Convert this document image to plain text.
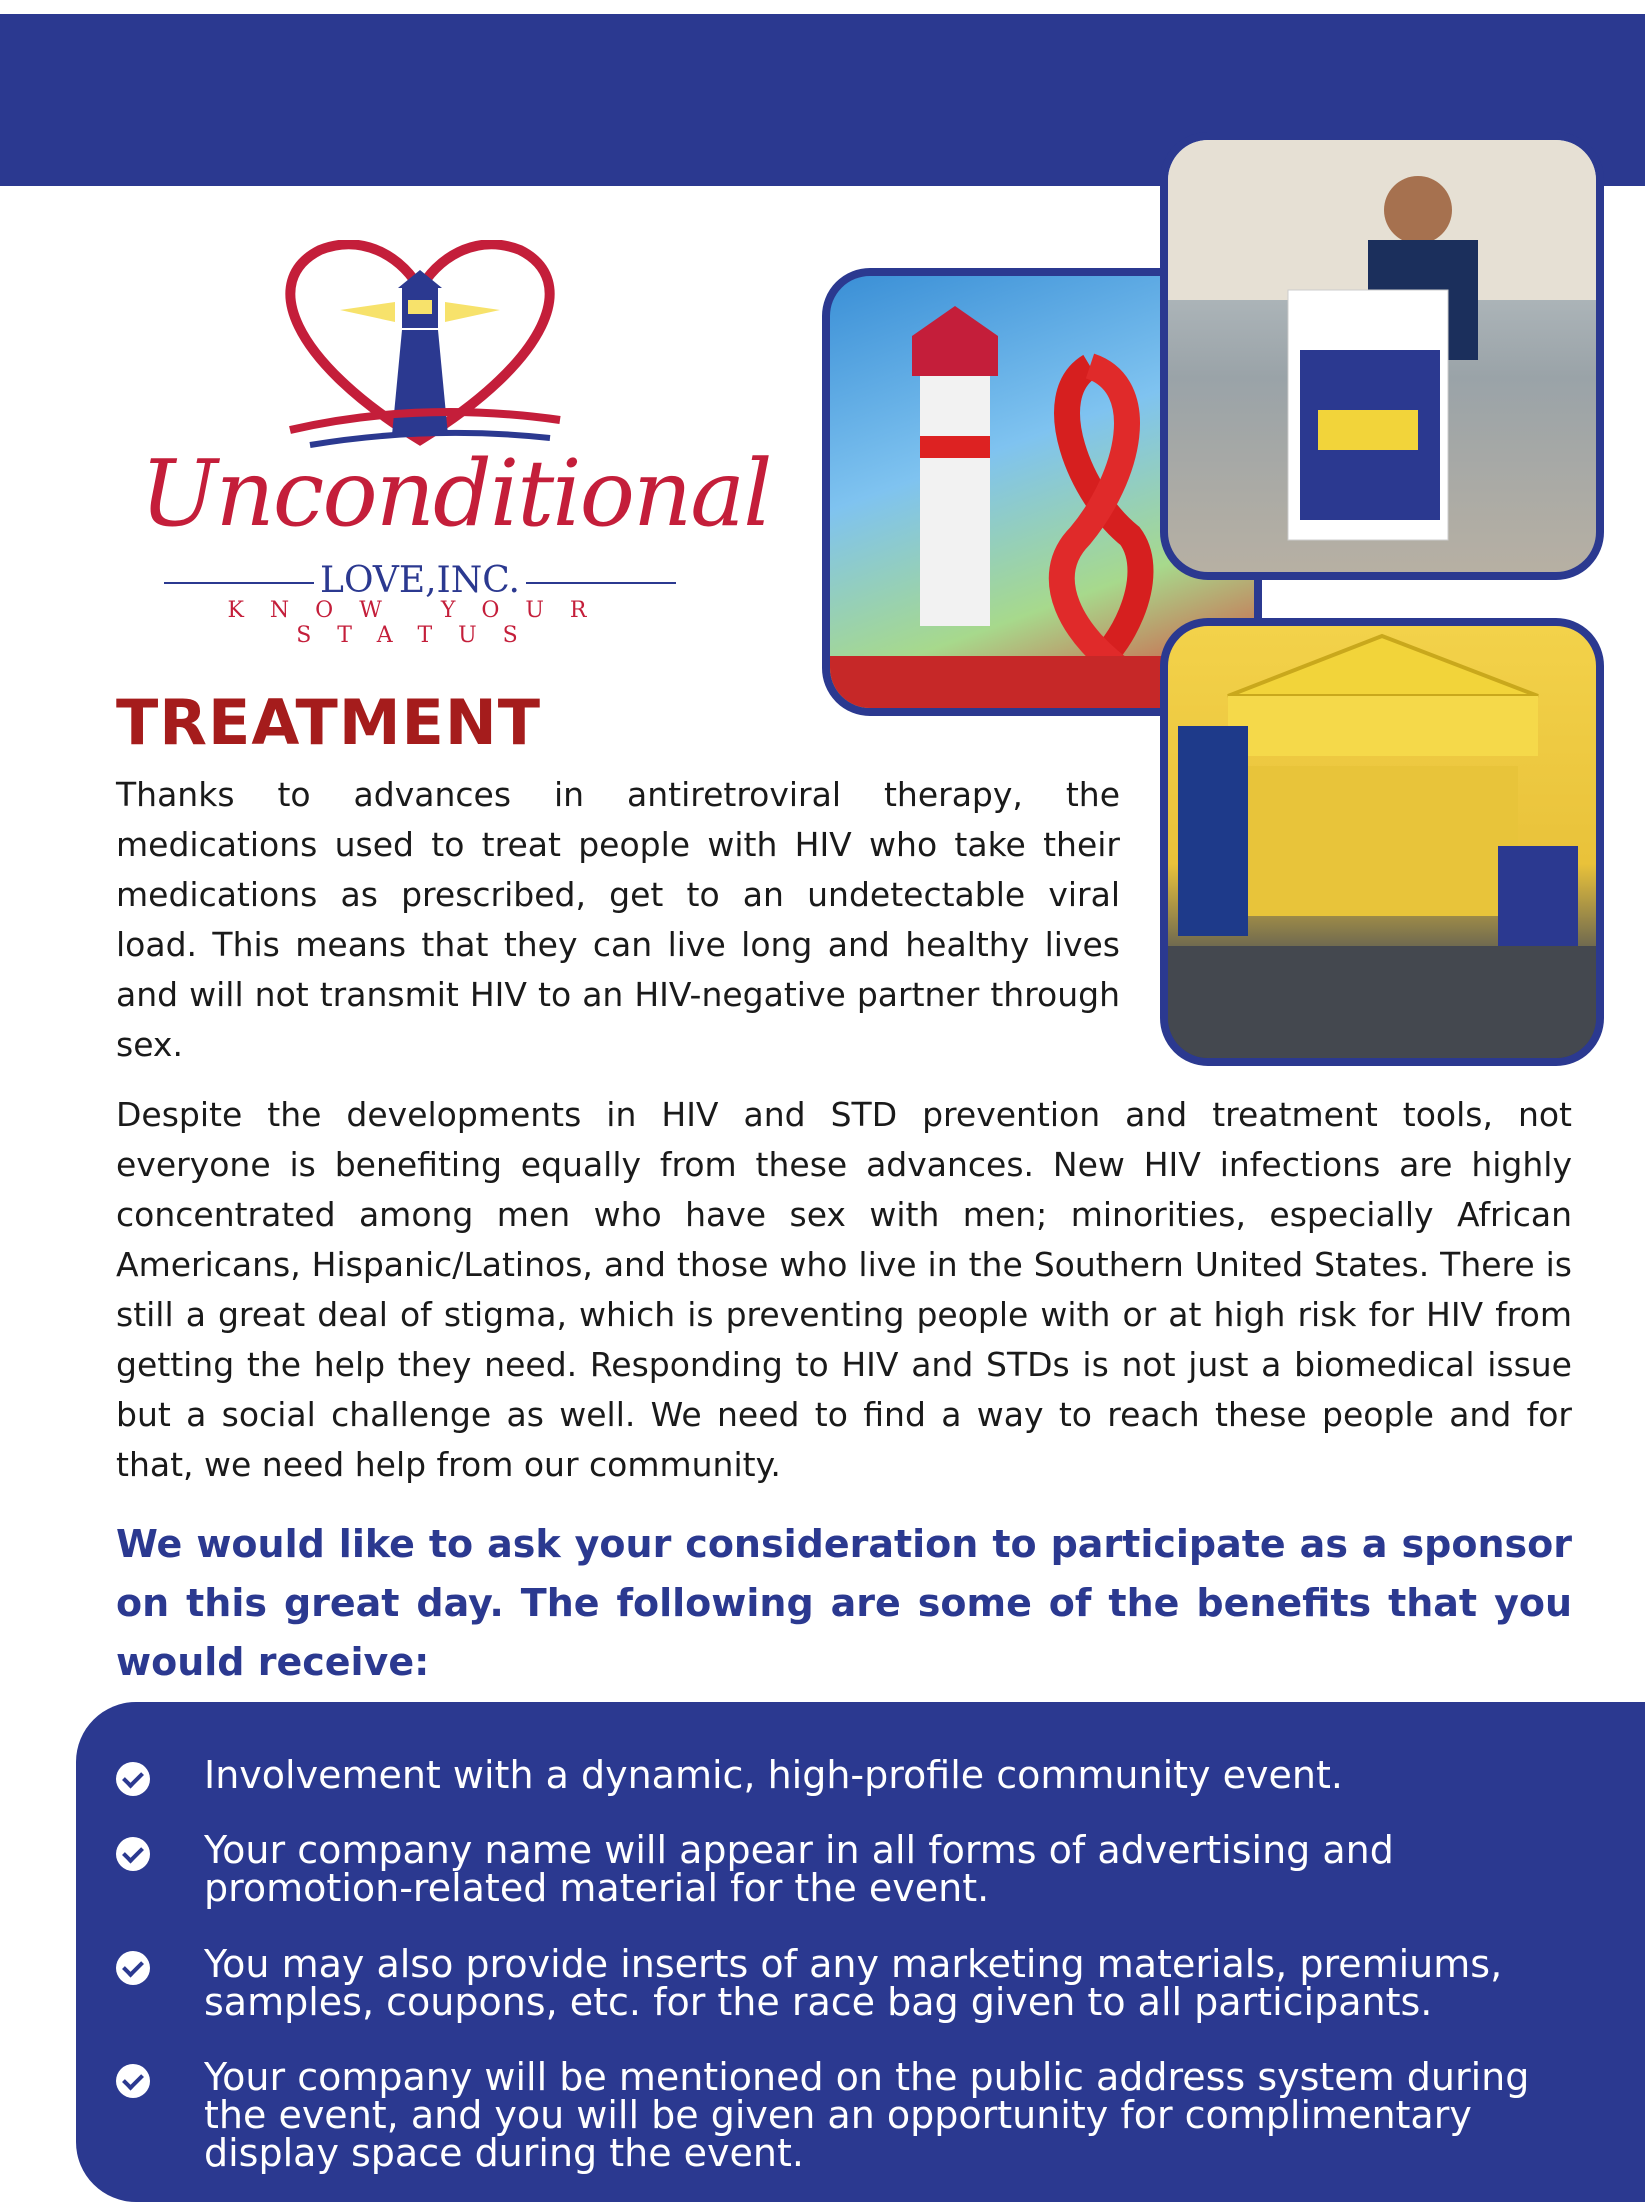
Unconditional
LOVE,INC.
KNOW YOUR STATUS
TREATMENT

Thanks to advances in antiretroviral therapy, the medications used to treat people with HIV who take their medications as prescribed, get to an undetectable viral load. This means that they can live long and healthy lives and will not transmit HIV to an HIV-negative partner through sex.

Despite the developments in HIV and STD prevention and treatment tools, not everyone is benefiting equally from these advances. New HIV infections are highly concentrated among men who have sex with men; minorities, especially African Americans, Hispanic/Latinos, and those who live in the Southern United States. There is still a great deal of stigma, which is preventing people with or at high risk for HIV from getting the help they need. Responding to HIV and STDs is not just a biomedical issue but a social challenge as well. We need to find a way to reach these people and for that, we need help from our community.

We would like to ask your consideration to participate as a sponsor on this great day. The following are some of the benefits that you would receive:

Involvement with a dynamic, high-profile community event.
Your company name will appear in all forms of advertising and promotion-related material for the event.
You may also provide inserts of any marketing materials, premiums, samples, coupons, etc. for the race bag given to all participants.
Your company will be mentioned on the public address system during the event, and you will be given an opportunity for complimentary display space during the event.
